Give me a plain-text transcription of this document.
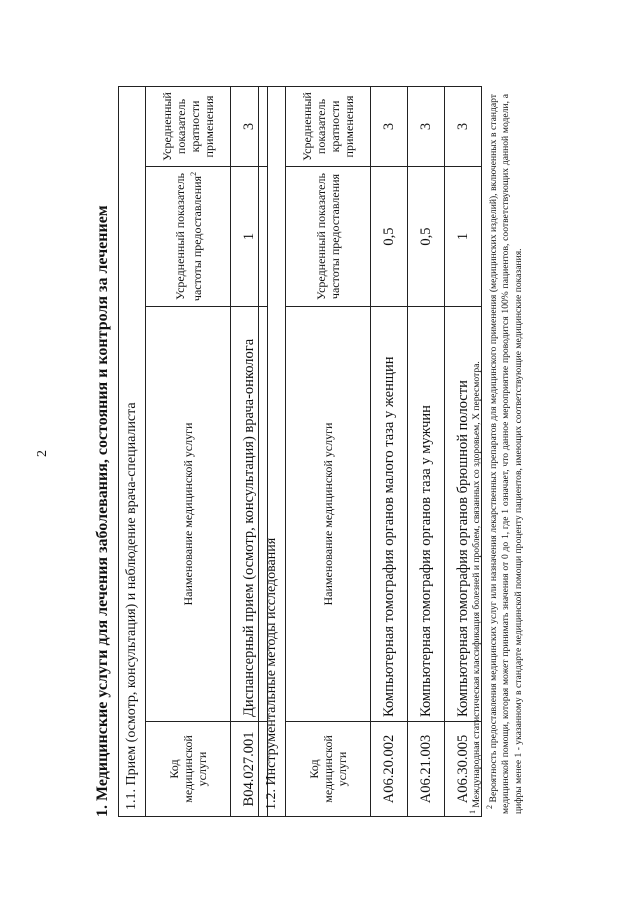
2	1. Медицинские услуги для лечения заболевания, состояния и контроля за лечением 1.1. Прием (осмотр, консультация) и наблюдение врача-специалиста			
Код медицинской услуги	Наименование медицинской услуги	Усредненный показатель частоты предоставления$^2$	Усредненный показатель кратности применения
В04.027.001	Диспансерный прием (осмотр, консультация) врача-онколога	1	3
1.2. Инструментальные методы исследования			
Код медицинской услуги	Наименование медицинской услуги	Усредненный показатель частоты предоставления	Усредненный показатель кратности применения
А06.20.002	Компьютерная томография органов малого таза у женщин	0,5	3
А06.21.003	Компьютерная томография органов таза у мужчин	0,5	3
А06.30.005	Компьютерная томография органов брюшной полости	1	3

$^1$ Международная статистическая классификация болезней и проблем, связанных со здоровьем, X пересмотра. $^2$ Вероятность предоставления медицинских услуг или назначения лекарственных препаратов для медицинского применения (медицинских изделий), включенных в стандарт медицинской помощи, которая может принимать значения от 0 до 1, где 1 означает, что данное мероприятие проводится 100% пациентов, соответствующих данной модели, а цифры менее 1 - указанному в стандарте медицинской помощи проценту пациентов, имеющих соответствующие медицинские показания.
